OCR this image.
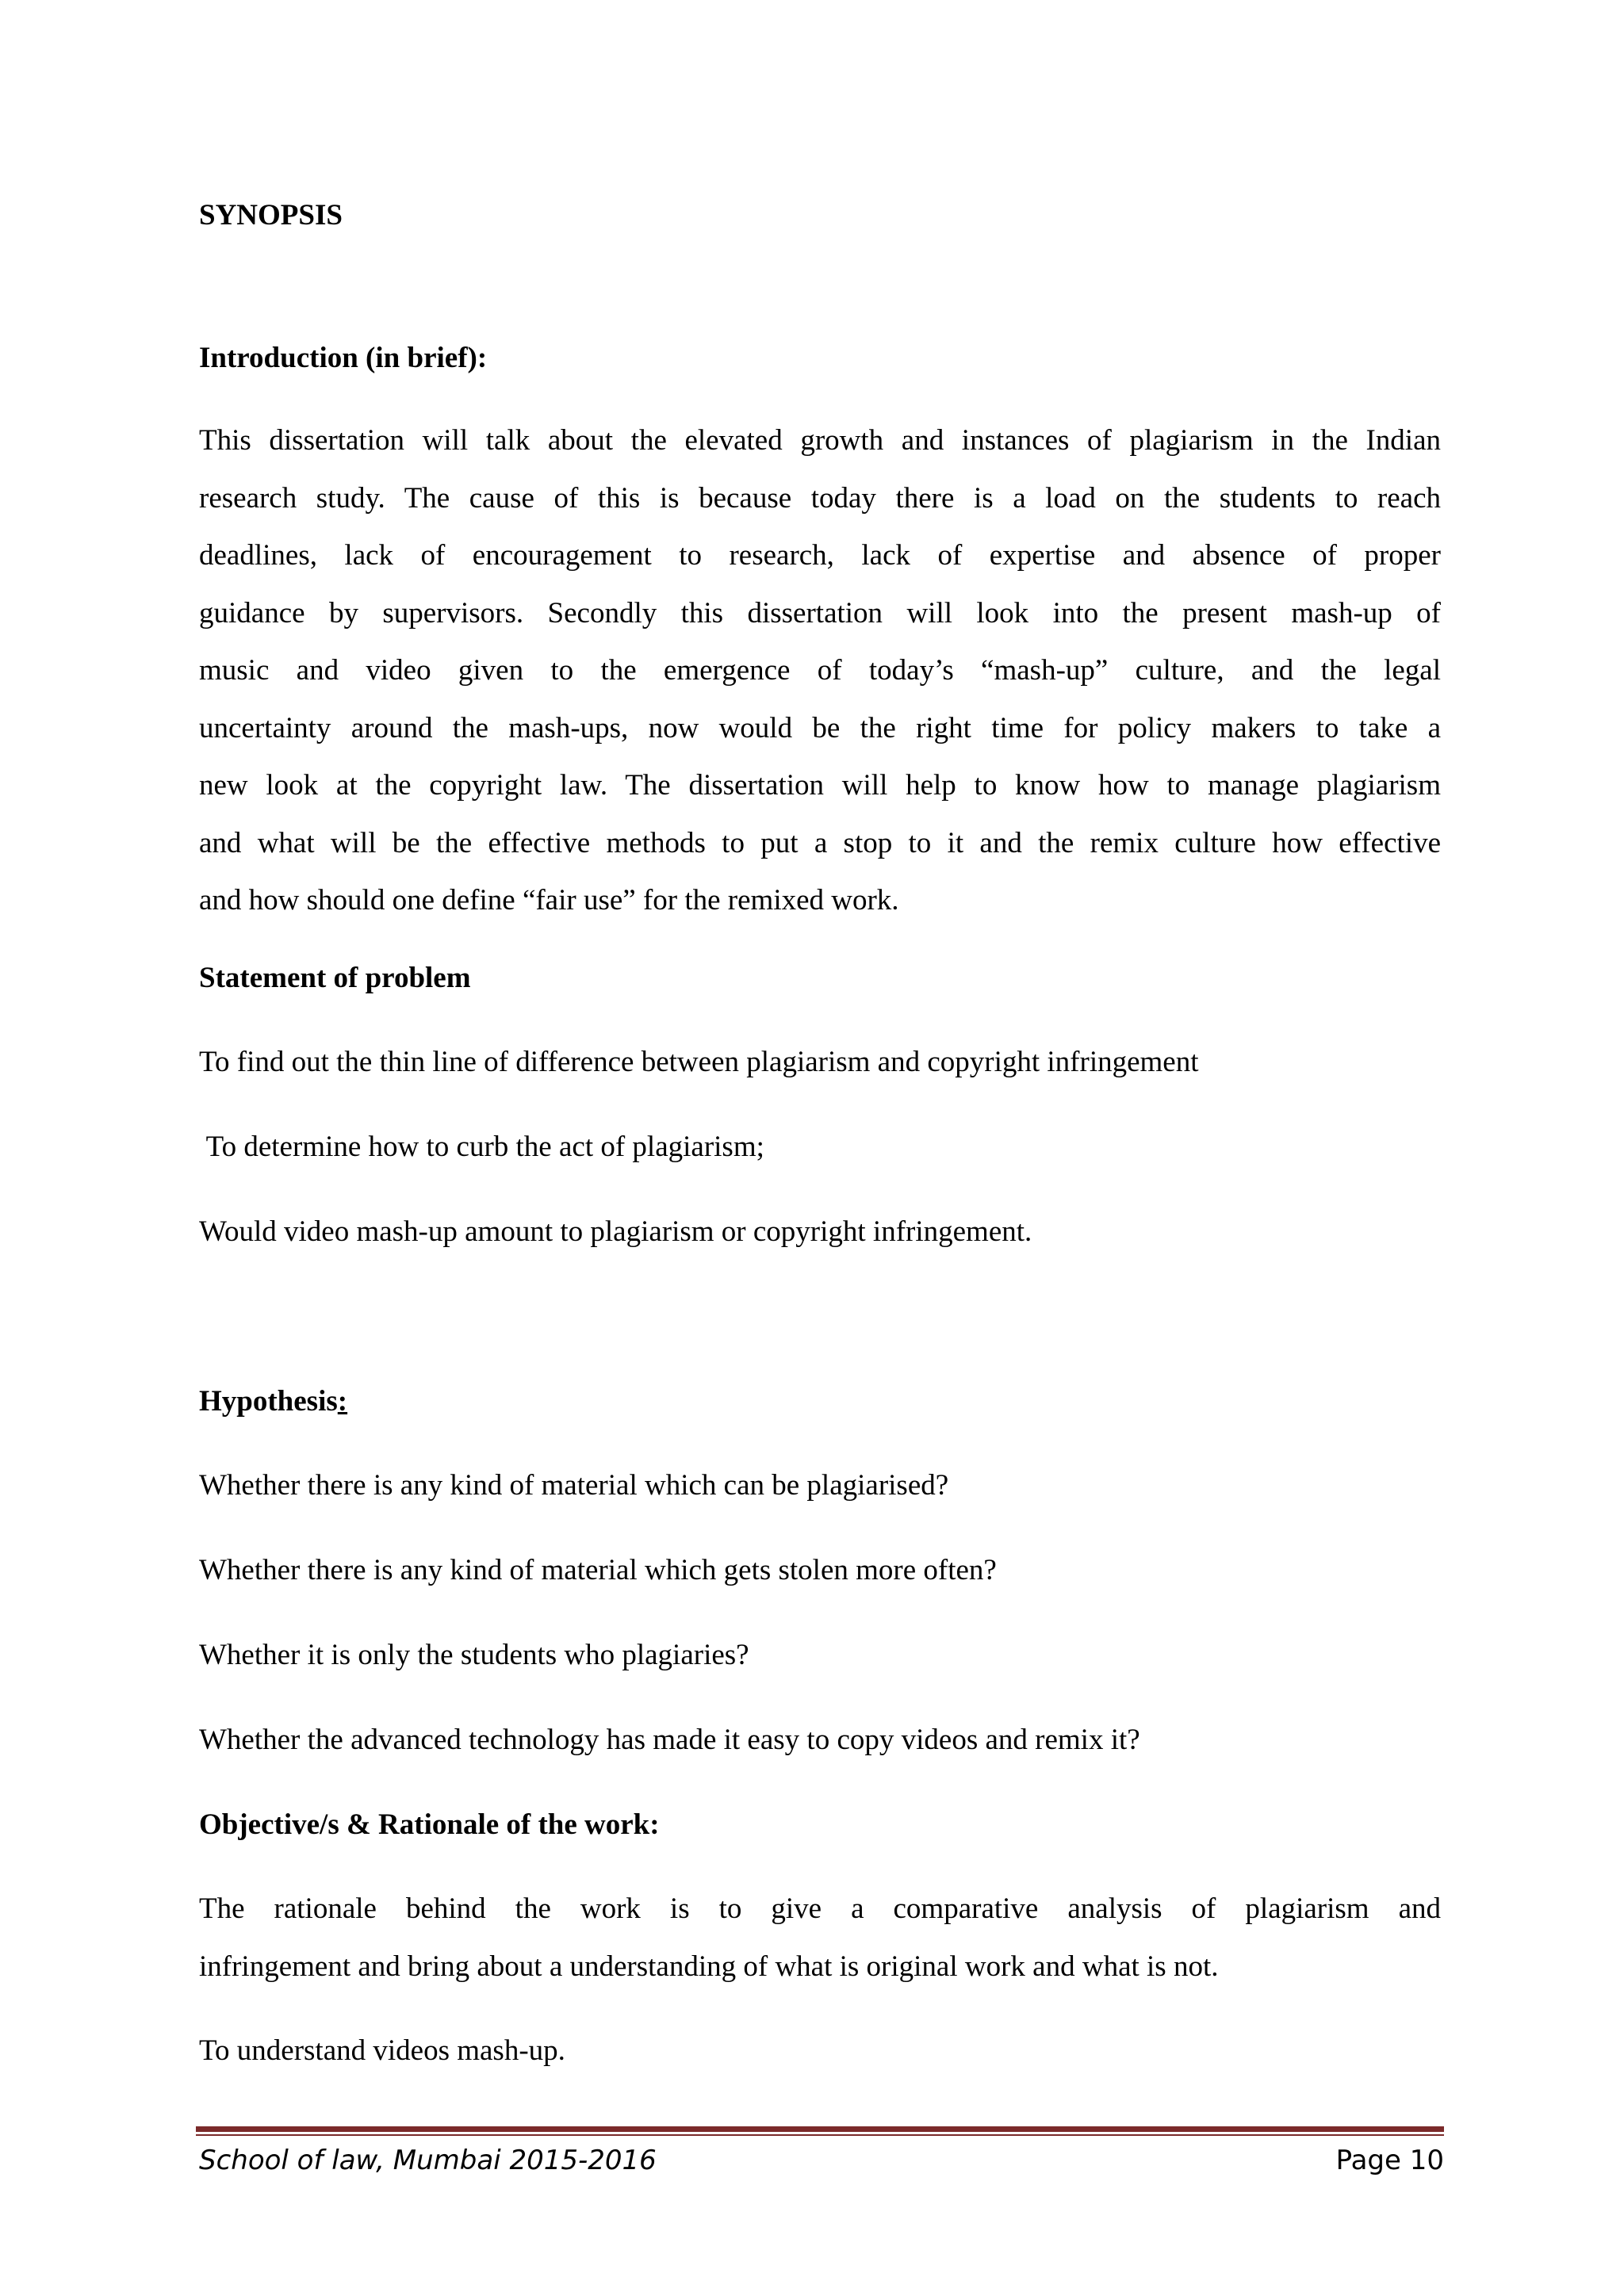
SYNOPSIS
Introduction (in brief):
This dissertation will talk about the elevated growth and instances of plagiarism in the Indian
research study. The cause of this is because today there is a load on the students to reach
deadlines, lack of encouragement to research, lack of expertise and absence of proper
guidance by supervisors. Secondly this dissertation will look into the present mash-up of
music and video given to the emergence of today’s “mash-up” culture, and the legal
uncertainty around the mash-ups, now would be the right time for policy makers to take a
new look at the copyright law. The dissertation will help to know how to manage plagiarism
and what will be the effective methods to put a stop to it and the remix culture how effective
and how should one define “fair use” for the remixed work.
Statement of problem
To find out the thin line of difference between plagiarism and copyright infringement
To determine how to curb the act of plagiarism;
Would video mash-up amount to plagiarism or copyright infringement.
Hypothesis:
Whether there is any kind of material which can be plagiarised?
Whether there is any kind of material which gets stolen more often?
Whether it is only the students who plagiaries?
Whether the advanced technology has made it easy to copy videos and remix it?
Objective/s & Rationale of the work:
The rationale behind the work is to give a comparative analysis of plagiarism and
infringement and bring about a understanding of what is original work and what is not.
To understand videos mash-up.
School of law, Mumbai 2015-2016	Page 10
